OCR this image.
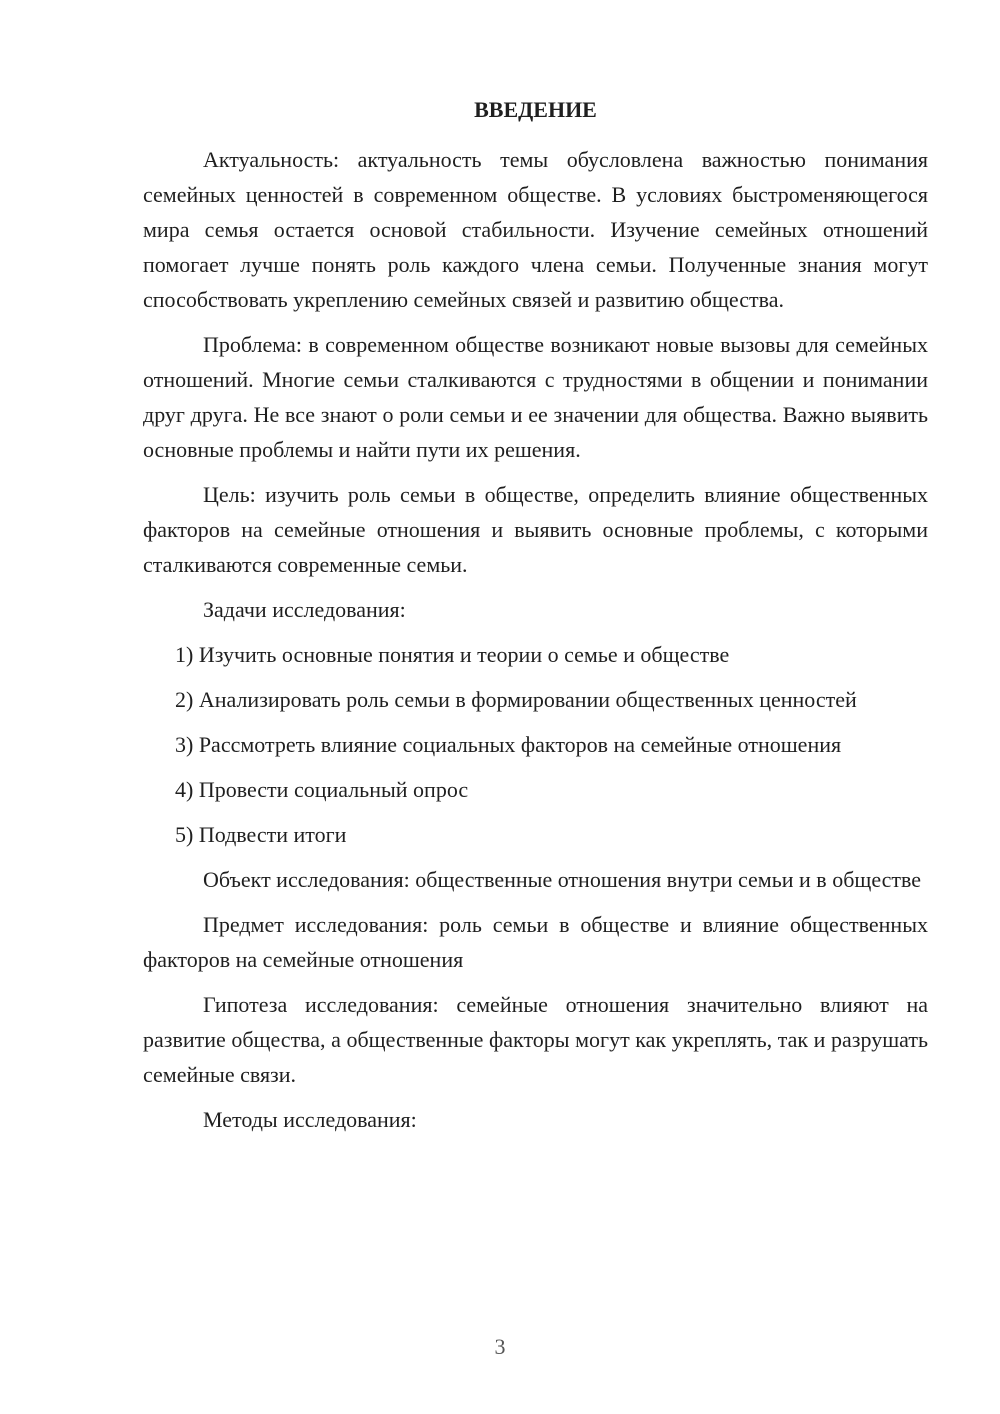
ВВЕДЕНИЕ

Актуальность: актуальность темы обусловлена важностью понимания семейных ценностей в современном обществе. В условиях быстроменяющегося мира семья остается основой стабильности. Изучение семейных отношений помогает лучше понять роль каждого члена семьи. Полученные знания могут способствовать укреплению семейных связей и развитию общества.

Проблема: в современном обществе возникают новые вызовы для семейных отношений. Многие семьи сталкиваются с трудностями в общении и понимании друг друга. Не все знают о роли семьи и ее значении для общества. Важно выявить основные проблемы и найти пути их решения.

Цель: изучить роль семьи в обществе, определить влияние общественных факторов на семейные отношения и выявить основные проблемы, с которыми сталкиваются современные семьи.

Задачи исследования:

1) Изучить основные понятия и теории о семье и обществе

2) Анализировать роль семьи в формировании общественных ценностей

3) Рассмотреть влияние социальных факторов на семейные отношения

4) Провести социальный опрос

5) Подвести итоги

Объект исследования: общественные отношения внутри семьи и в обществе

Предмет исследования: роль семьи в обществе и влияние общественных факторов на семейные отношения

Гипотеза исследования: семейные отношения значительно влияют на развитие общества, а общественные факторы могут как укреплять, так и разрушать семейные связи.

Методы исследования:

3
